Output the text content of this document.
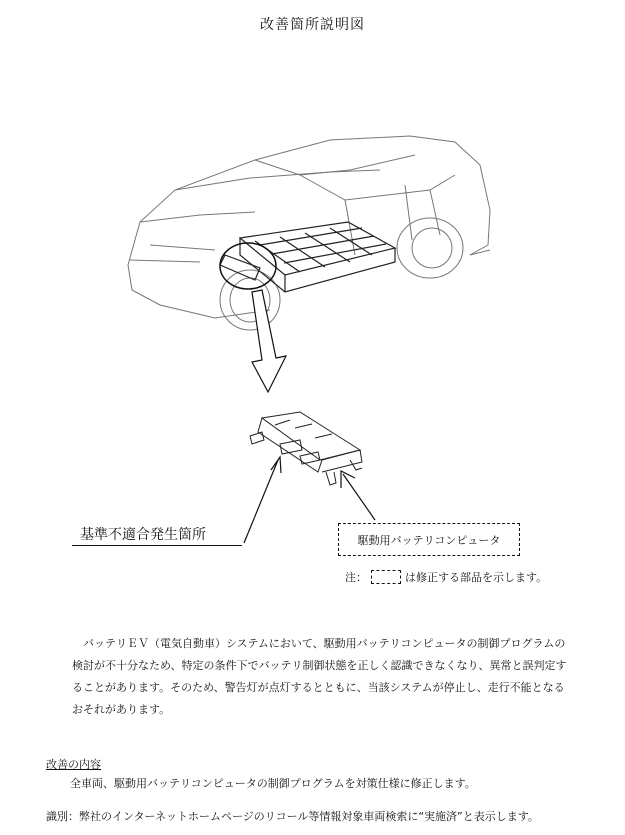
改善箇所説明図
基準不適合発生箇所	駆動用バッテリコンピュータ
注：	は修正する部品を示します。
バッテリＥＶ（電気自動車）システムにおいて、駆動用バッテリコンピュータの制御プログラムの検討が不十分なため、特定の条件下でバッテリ制御状態を正しく認識できなくなり、異常と誤判定することがあります。そのため、警告灯が点灯するとともに、当該システムが停止し、走行不能となるおそれがあります。
改善の内容
全車両、駆動用バッテリコンピュータの制御プログラムを対策仕様に修正します。
識別：弊社のインターネットホームページのリコール等情報対象車両検索に“実施済”と表示します。
